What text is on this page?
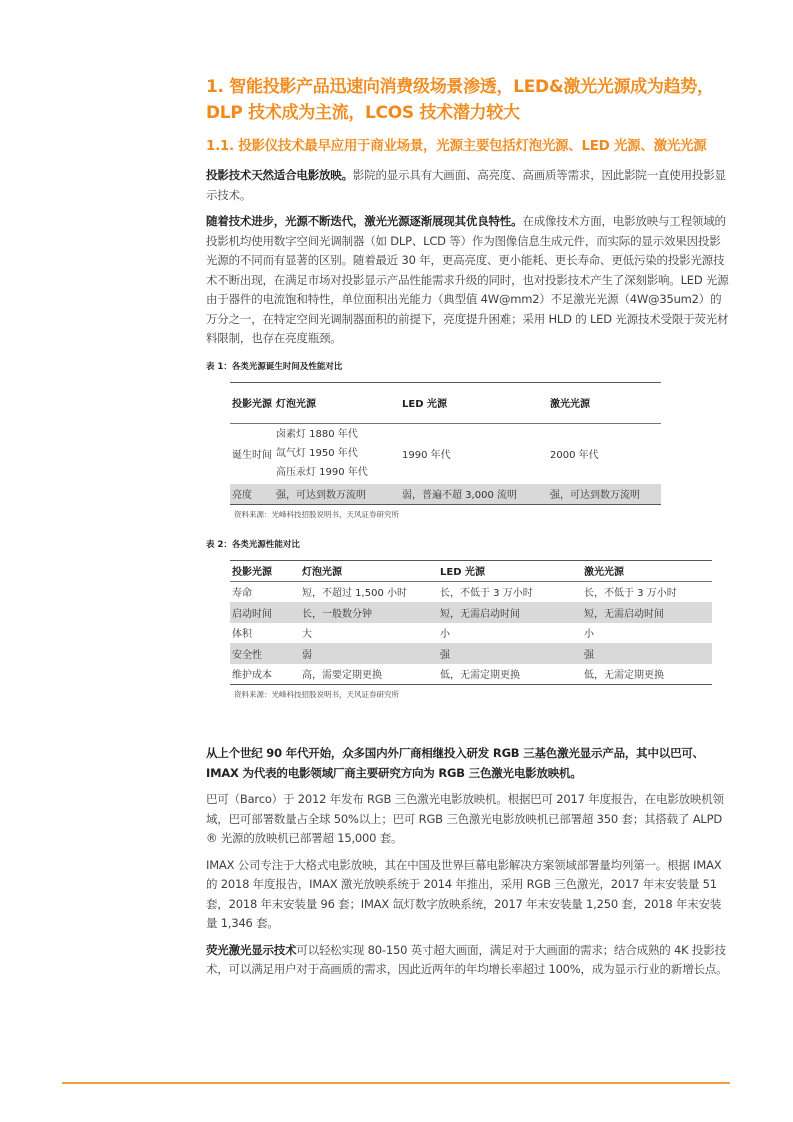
1. 智能投影产品迅速向消费级场景渗透，LED&激光光源成为趋势，DLP 技术成为主流，LCOS 技术潜力较大
1.1. 投影仪技术最早应用于商业场景，光源主要包括灯泡光源、LED 光源、激光光源

投影技术天然适合电影放映。影院的显示具有大画面、高亮度、高画质等需求，因此影院一直使用投影显示技术。

随着技术进步，光源不断迭代，激光光源逐渐展现其优良特性。在成像技术方面，电影放映与工程领域的投影机均使用数字空间光调制器（如 DLP、LCD 等）作为图像信息生成元件，而实际的显示效果因投影光源的不同而有显著的区别。随着最近 30 年，更高亮度、更小能耗、更长寿命、更低污染的投影光源技术不断出现，在满足市场对投影显示产品性能需求升级的同时，也对投影技术产生了深刻影响。LED 光源由于器件的电流饱和特性，单位面积出光能力（典型值 4W@mm2）不足激光光源（4W@35um2）的万分之一，在特定空间光调制器面积的前提下，亮度提升困难；采用 HLD 的 LED 光源技术受限于荧光材料限制，也存在亮度瓶颈。

表 1：各类光源诞生时间及性能对比
投影光源	灯泡光源	LED 光源	激光光源
诞生时间	卤素灯 1880 年代
氙气灯 1950 年代
高压汞灯 1990 年代	1990 年代	2000 年代
亮度	强，可达到数万流明	弱，普遍不超 3,000 流明	强，可达到数万流明
资料来源：光峰科技招股说明书，天风证券研究所
表 2：各类光源性能对比
投影光源	灯泡光源	LED 光源	激光光源
寿命	短，不超过 1,500 小时	长，不低于 3 万小时	长，不低于 3 万小时
启动时间	长，一般数分钟	短，无需启动时间	短，无需启动时间
体积	大	小	小
安全性	弱	强	强
维护成本	高，需要定期更换	低，无需定期更换	低，无需定期更换
资料来源：光峰科技招股说明书，天风证券研究所

从上个世纪 90 年代开始，众多国内外厂商相继投入研发 RGB 三基色激光显示产品，其中以巴可、IMAX 为代表的电影领域厂商主要研究方向为 RGB 三色激光电影放映机。

巴可（Barco）于 2012 年发布 RGB 三色激光电影放映机。根据巴可 2017 年度报告，在电影放映机领域，巴可部署数量占全球 50%以上；巴可 RGB 三色激光电影放映机已部署超 350 套；其搭载了 ALPD ® 光源的放映机已部署超 15,000 套。

IMAX 公司专注于大格式电影放映，其在中国及世界巨幕电影解决方案领域部署量均列第一。根据 IMAX 的 2018 年度报告，IMAX 激光放映系统于 2014 年推出，采用 RGB 三色激光，2017 年末安装量 51 套，2018 年末安装量 96 套；IMAX 氙灯数字放映系统，2017 年末安装量 1,250 套，2018 年末安装量 1,346 套。

荧光激光显示技术可以轻松实现 80-150 英寸超大画面，满足对于大画面的需求；结合成熟的 4K 投影技术，可以满足用户对于高画质的需求，因此近两年的年均增长率超过 100%，成为显示行业的新增长点。
